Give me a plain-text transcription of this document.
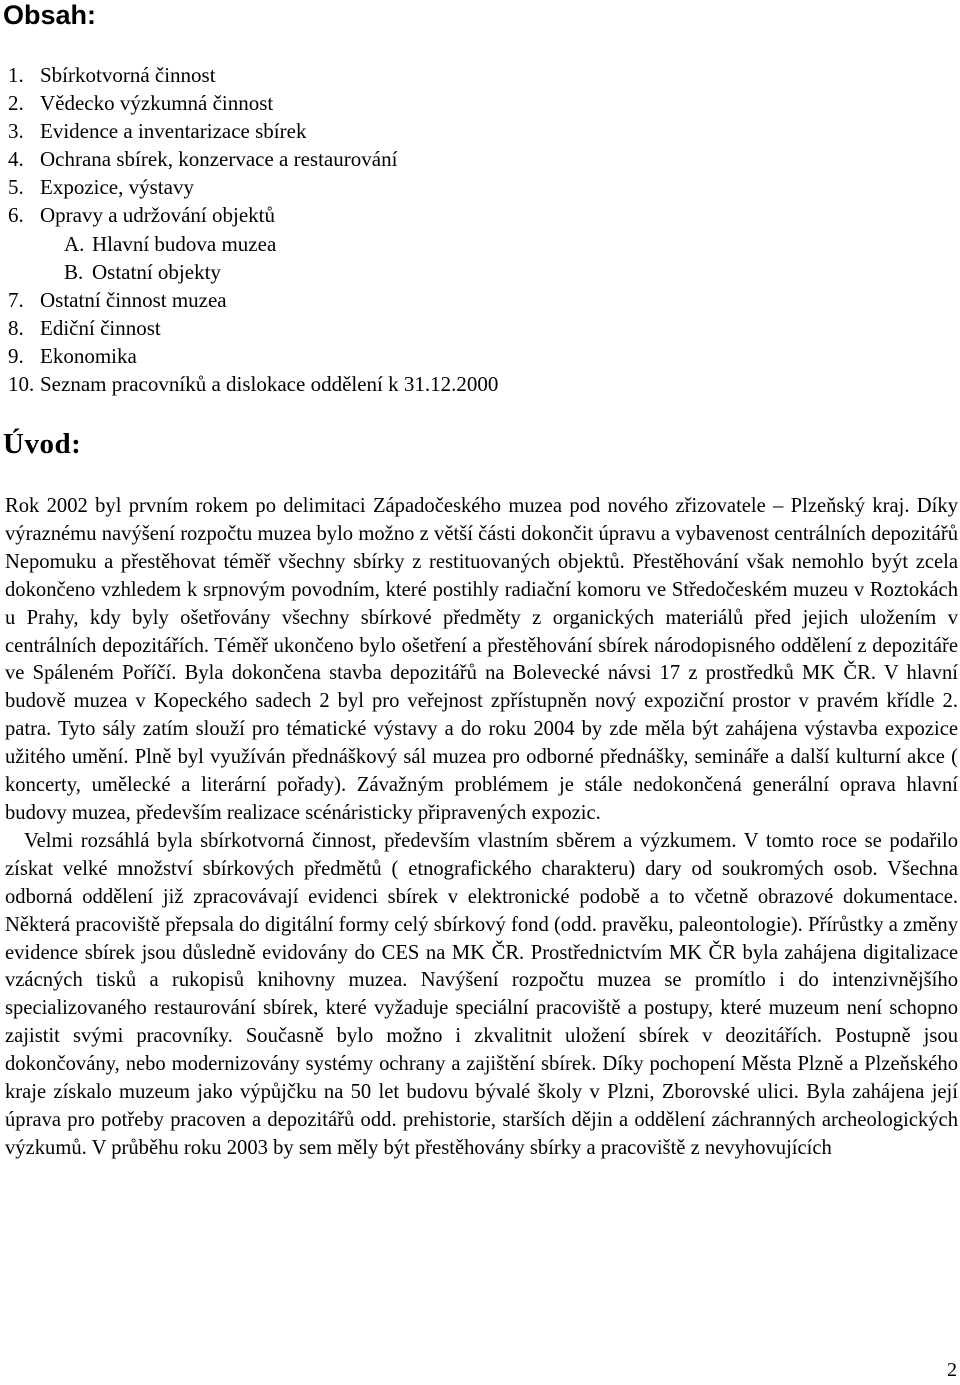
Obsah:
1. Sbírkotvorná činnost
2. Vědecko výzkumná činnost
3. Evidence a inventarizace sbírek
4. Ochrana sbírek, konzervace a restaurování
5. Expozice, výstavy
6. Opravy a udržování objektů
A. Hlavní budova muzea
B. Ostatní objekty
7. Ostatní činnost muzea
8. Ediční činnost
9. Ekonomika
10. Seznam pracovníků a dislokace oddělení k 31.12.2000
Úvod:

Rok 2002 byl prvním rokem po delimitaci Západočeského muzea pod nového zřizovatele – Plzeňský kraj. Díky výraznému navýšení rozpočtu muzea bylo možno z větší části dokončit úpravu a vybavenost centrálních depozitářů Nepomuku a přestěhovat téměř všechny sbírky z restituovaných objektů. Přestěhování však nemohlo byýt zcela dokončeno vzhledem k srpnovým povodním, které postihly radiační komoru ve Středočeském muzeu v Roztokách u Prahy, kdy byly ošetřovány všechny sbírkové předměty z organických materiálů před jejich uložením v centrálních depozitářích. Téměř ukončeno bylo ošetření a přestěhování sbírek národopisného oddělení z depozitáře ve Spáleném Poříčí. Byla dokončena stavba depozitářů na Bolevecké návsi 17 z prostředků MK ČR. V hlavní budově muzea v Kopeckého sadech 2 byl pro veřejnost zpřístupněn nový expoziční prostor v pravém křídle 2. patra. Tyto sály zatím slouží pro tématické výstavy a do roku 2004 by zde měla být zahájena výstavba expozice užitého umění. Plně byl využíván přednáškový sál muzea pro odborné přednášky, semináře a další kulturní akce ( koncerty, umělecké a literární pořady). Závažným problémem je stále nedokončená generální oprava hlavní budovy muzea, především realizace scénáristicky připravených expozic.

Velmi rozsáhlá byla sbírkotvorná činnost, především vlastním sběrem a výzkumem. V tomto roce se podařilo získat velké množství sbírkových předmětů ( etnografického charakteru) dary od soukromých osob. Všechna odborná oddělení již zpracovávají evidenci sbírek v elektronické podobě a to včetně obrazové dokumentace. Některá pracoviště přepsala do digitální formy celý sbírkový fond (odd. pravěku, paleontologie). Přírůstky a změny evidence sbírek jsou důsledně evidovány do CES na MK ČR. Prostřednictvím MK ČR byla zahájena digitalizace vzácných tisků a rukopisů knihovny muzea. Navýšení rozpočtu muzea se promítlo i do intenzivnějšího specializovaného restaurování sbírek, které vyžaduje speciální pracoviště a postupy, které muzeum není schopno zajistit svými pracovníky. Současně bylo možno i zkvalitnit uložení sbírek v deozitářích. Postupně jsou dokončovány, nebo modernizovány systémy ochrany a zajištění sbírek. Díky pochopení Města Plzně a Plzeňského kraje získalo muzeum jako výpůjčku na 50 let budovu bývalé školy v Plzni, Zborovské ulici. Byla zahájena její úprava pro potřeby pracoven a depozitářů odd. prehistorie, starších dějin a oddělení záchranných archeologických výzkumů. V průběhu roku 2003 by sem měly být přestěhovány sbírky a pracoviště z nevyhovujících

2
